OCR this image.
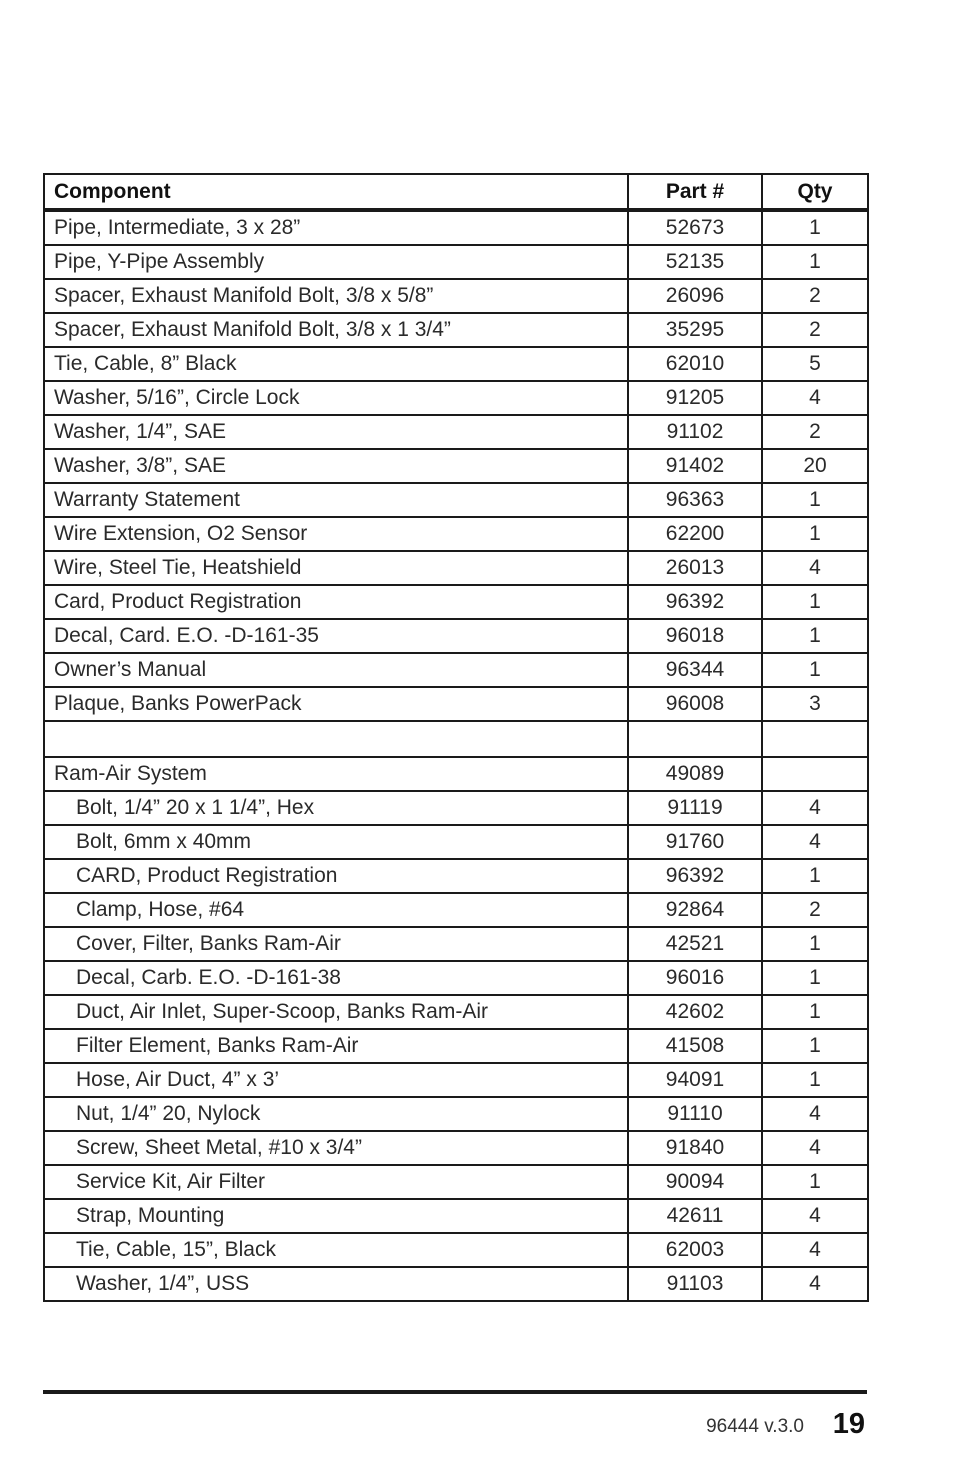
Component	Part #	Qty
Pipe, Intermediate, 3 x 28”	52673	1
Pipe, Y-Pipe Assembly	52135	1
Spacer, Exhaust Manifold Bolt, 3/8 x 5/8”	26096	2
Spacer, Exhaust Manifold Bolt, 3/8 x 1 3/4”	35295	2
Tie, Cable, 8” Black	62010	5
Washer, 5/16”, Circle Lock	91205	4
Washer, 1/4”, SAE	91102	2
Washer, 3/8”, SAE	91402	20
Warranty Statement	96363	1
Wire Extension, O2 Sensor	62200	1
Wire, Steel Tie, Heatshield	26013	4
Card, Product Registration	96392	1
Decal, Card. E.O. -D-161-35	96018	1
Owner’s Manual	96344	1
Plaque, Banks PowerPack	96008	3

Ram-Air System	49089	
Bolt, 1/4” 20 x 1 1/4”, Hex	91119	4
Bolt, 6mm x 40mm	91760	4
CARD, Product Registration	96392	1
Clamp, Hose, #64	92864	2
Cover, Filter, Banks Ram-Air	42521	1
Decal, Carb. E.O. -D-161-38	96016	1
Duct, Air Inlet, Super-Scoop, Banks Ram-Air	42602	1
Filter Element, Banks Ram-Air	41508	1
Hose, Air Duct, 4” x 3’	94091	1
Nut, 1/4” 20, Nylock	91110	4
Screw, Sheet Metal, #10 x 3/4”	91840	4
Service Kit, Air Filter	90094	1
Strap, Mounting	42611	4
Tie, Cable, 15”, Black	62003	4
Washer, 1/4”, USS	91103	4
96444 v.3.0 19
